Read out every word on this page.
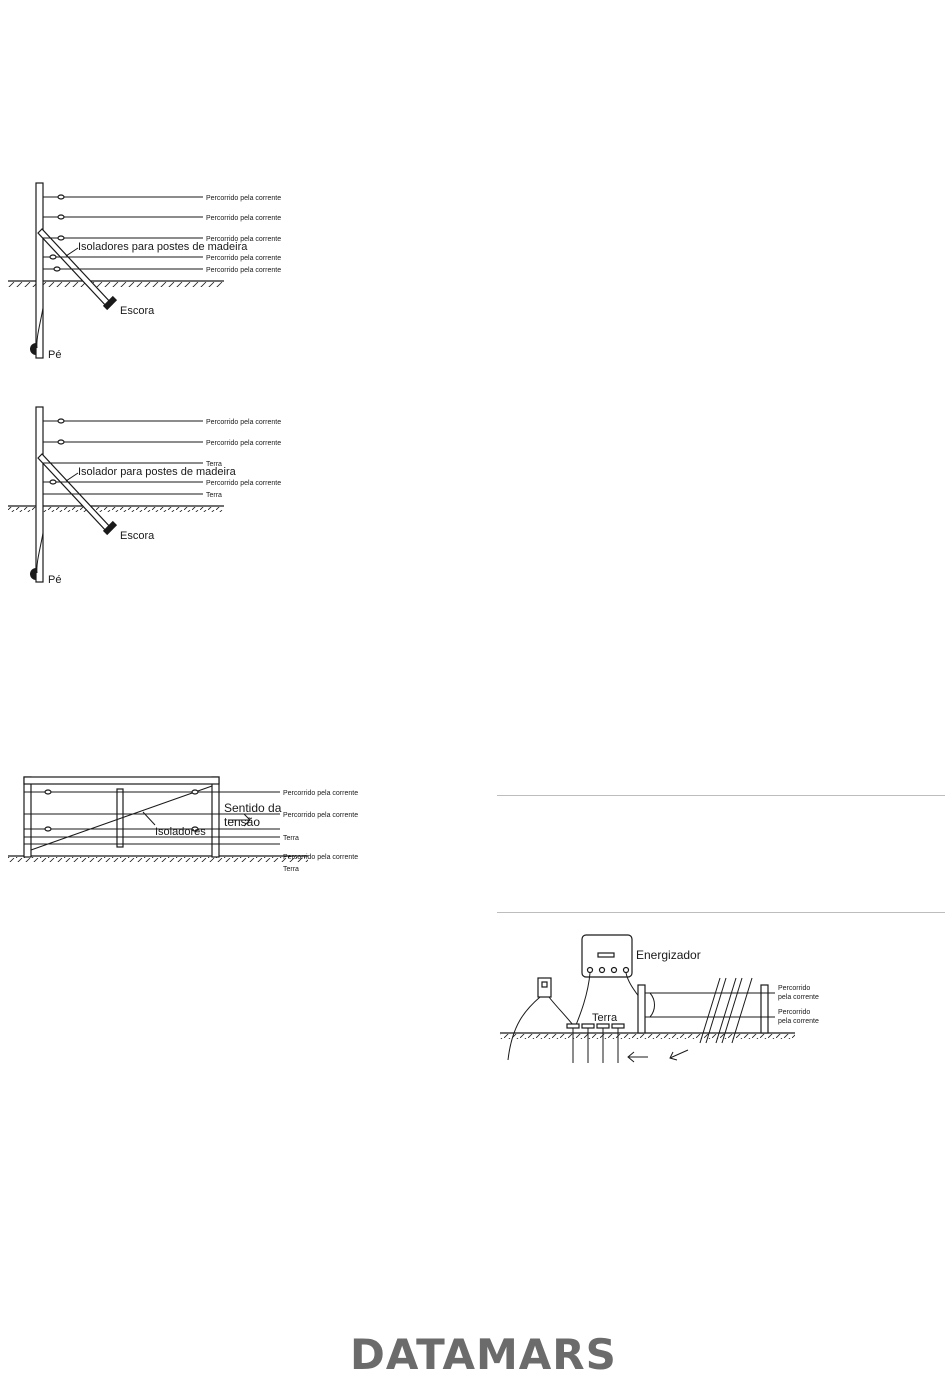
Percorrido pela corrente
Percorrido pela corrente
Percorrido pela corrente
Percorrido pela corrente
Percorrido pela corrente
Isoladores para postes de madeira
Escora
Pé
Percorrido pela corrente
Percorrido pela corrente
Terra
Percorrido pela corrente
Terra
Isolador para postes de madeira
Escora
Pé
Percorrido pela corrente
Percorrido pela corrente
Terra
Percorrido pela corrente
Terra
Isoladores
Sentido da
tensão
Energizador
Terra
Percorrido
pela corrente
Percorrido
pela corrente
DATAMARS
